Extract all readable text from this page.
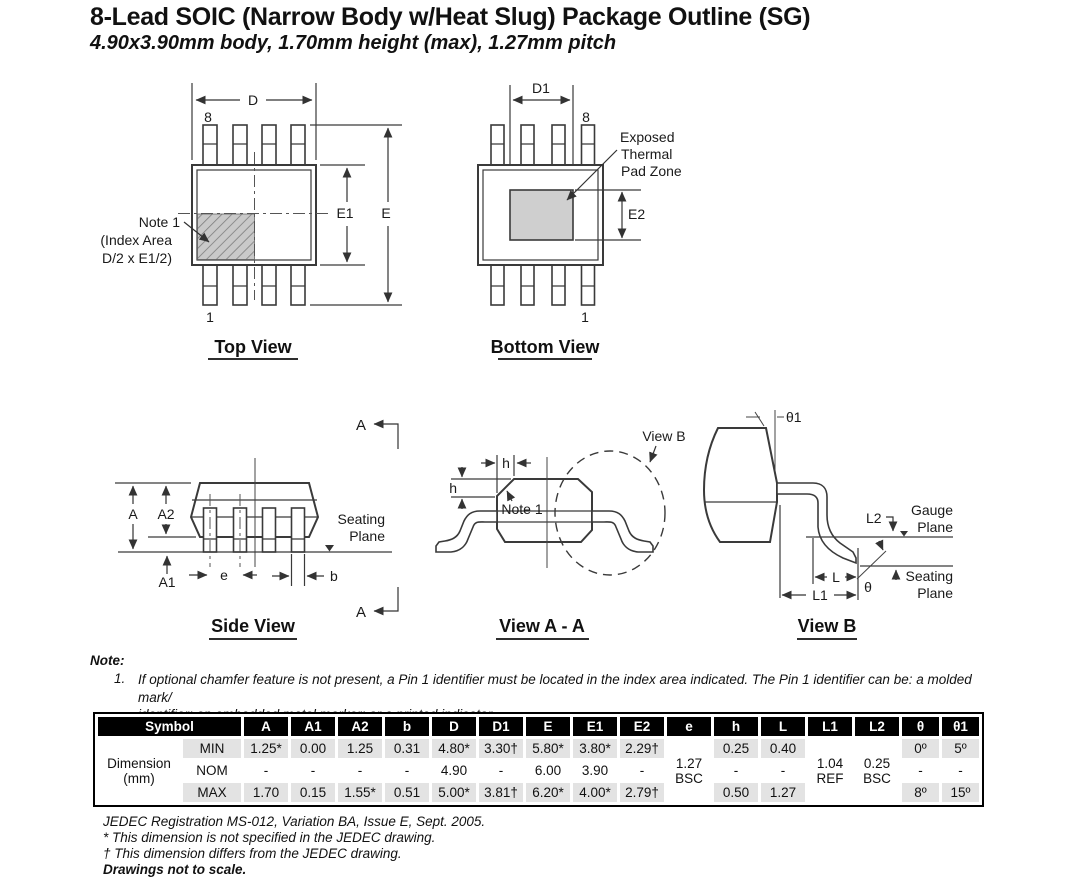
8-Lead SOIC (Narrow Body w/Heat Slug) Package Outline (SG)
4.90x3.90mm body, 1.70mm height (max), 1.27mm pitch
D
E1 E
8
1
Note 1
(Index Area
D/2 x E1/2)
Top View
D1
8
1
Exposed
Thermal
Pad Zone
E2
Bottom View
A A2
A1	e	b
Seating
Plane
A
A
Side View
h
h
Note 1
View B
View A - A
θ1
L2 Gauge
Plane
L
θ
L1
Seating
Plane
View B
Note:
1. If optional chamfer feature is not present, a Pin 1 identifier must be located in the index area indicated. The Pin 1 identifier can be: a molded mark/
Symbol		A	A1	A2	b	D	D1	E	E1	E2	e	h	L	L1	L2	θ	θ1
Dimension (mm)	MIN	1.25*	0.00	1.25	0.31	4.80*	3.30†	5.80*	3.80*	2.29†	1.27 BSC	0.25	0.40	1.04 REF	0.25 BSC	0º	5º
	NOM	-	-	-	-	4.90	-	6.00	3.90	-		-	-			-	-
	MAX	1.70	0.15	1.55*	0.51	5.00*	3.81†	6.20*	4.00*	2.79†		0.50	1.27			8º	15º
JEDEC Registration MS-012, Variation BA, Issue E, Sept. 2005.
* This dimension is not specified in the JEDEC drawing.
† This dimension differs from the JEDEC drawing.
Drawings not to scale.
